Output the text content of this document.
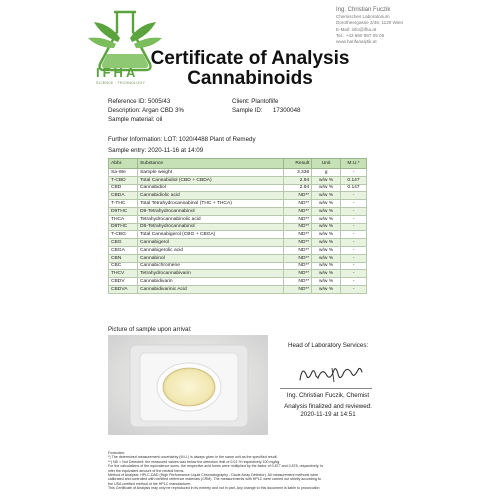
IFHA
SCIENCE · TECHNOLOGY
Ing. Christian Fuczik
Chemisches Laboratorium
Dorotheergasse 2/46, 1120 Wien
E-Mail: info@ifha.at
Tel.: +43 660 897 05 05
www.hanfanalytik.at
Certificate of Analysis
Cannabinoids
Reference ID: 5005/43
Description: Argan CBD 3%
Sample material: oil
Client: Plantoflife
Sample ID:      17300048
Further Information: LOT: 1020/4488 Plant of Remedy
Sample entry: 2020-11-16 at 14:09
Abbr.	Substance	Result	Unit	M.U.*
Sa-We	Sample weight	3.336	g	-
T-CBD	Total Cannabidiol (CBD + CBDA)	2.94	w/w %	0.147
CBD	Cannabidiol	2.94	w/w %	0.147
CBDA	Cannabidiolic acid	ND**	w/w %	-
T-THC	Total Tetrahydrocannabinol (THC + THCA)	ND**	w/w %	-
D9THC	D9-Tetrahydrocannabinol	ND**	w/w %	-
THCA	Tetrahydrocannabinolic acid	ND**	w/w %	-
D8THC	D8-Tetrahydrocannabinol	ND**	w/w %	-
T-CBG	Total Cannabigerol (CBG + CBGA)	ND**	w/w %	-
CBG	Cannabigerol	ND**	w/w %	-
CBGA	Cannabigerolic acid	ND**	w/w %	-
CBN	Cannabinol	ND**	w/w %	-
CBC	Cannabichromene	ND**	w/w %	-
THCV	Tetrahydrocannabivarin	ND**	w/w %	-
CBDV	Cannabidivarin	ND**	w/w %	-
CBDVA	Cannabidivarinic Acid	ND**	w/w %	-
Picture of sample upon arrival:
Head of Laboratory Services:
Ing. Christian Fuczik, Chemist
Analysis finalized and reviewed:
2020-11-19 at 14:51
Footnotes:
*) The determined measurement uncertainty (M.U.) is always given in the same unit as the specified result.
**) ND = Not Detected: the measured values was below the detection limit of 0.01 % respectively 100 mg/kg.
For the calculations of the equivalence sums, the respective acid forms were multiplied by the factor of 0.877 and 0.878, respectively, to
infer the equivalent amount of the neutral forms.
Method of Analysis: HPLC-DAD (High Performance Liquid Chromatography - Diode Array Detector). All measurement methods were
calibrated and controlled with certified reference materials (CRM). The measurements with HPLC were carried out strictly according to
the USA certified method of the HPLC manufacturer.
This Certificate of Analysis may only be reproduced in its entirety and not in part. Any change to this document is liable to prosecution
